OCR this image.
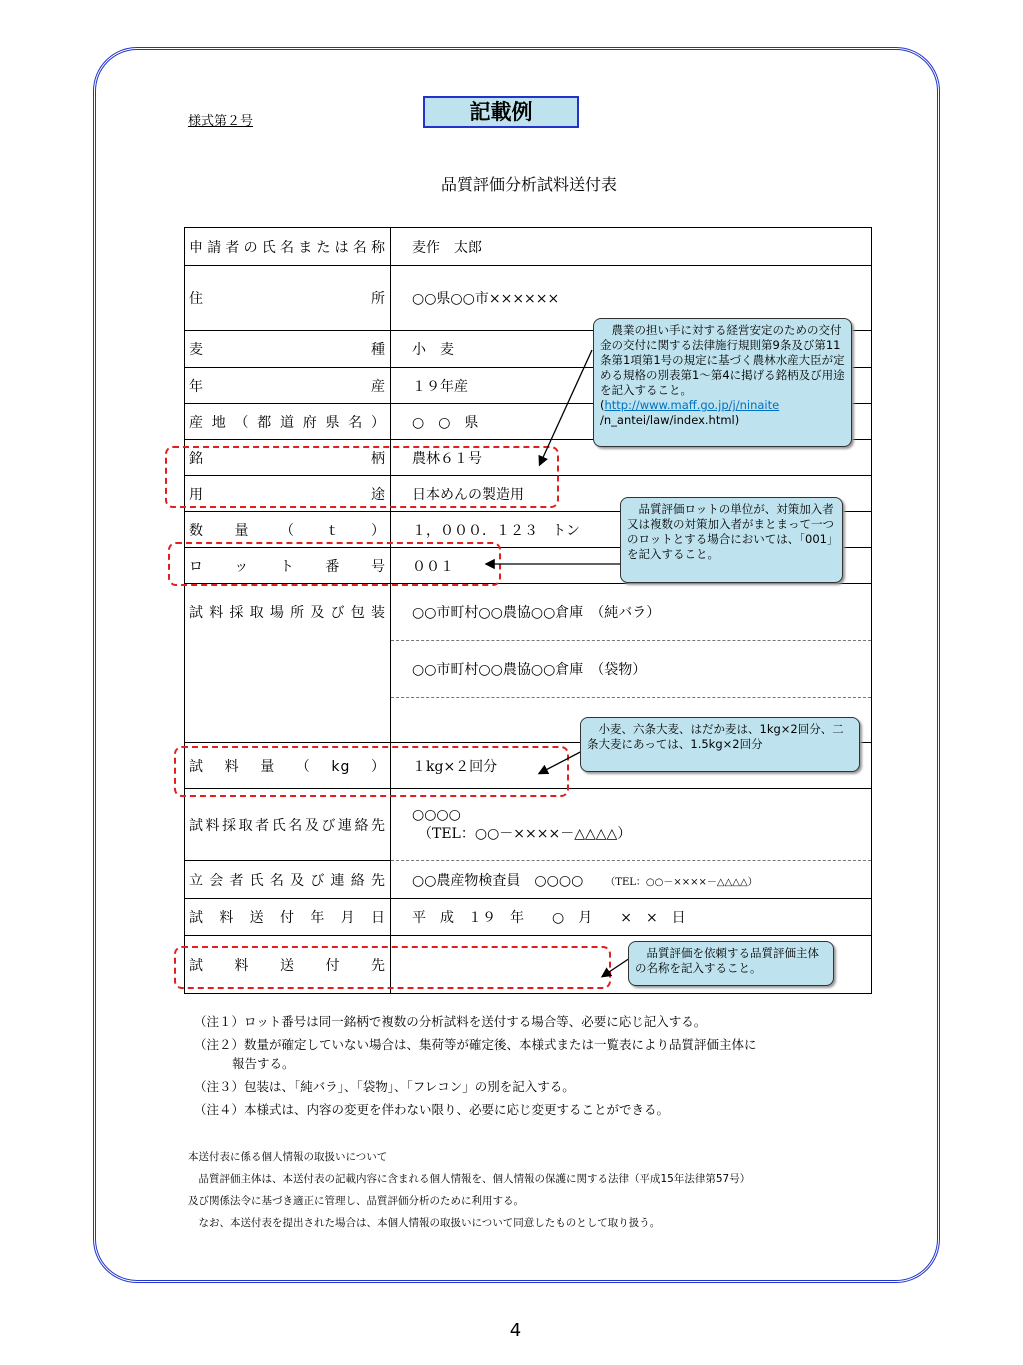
様式第２号	記載例
品質評価分析試料送付表
申請者の氏名または名称	麦作　太郎

住 所	○○県○○市××××××

麦 種	小　麦

年 産	１９年産

産地（都道府県名）	○　○　県

銘 柄	農林６１号

用 途	日本めんの製造用

数量（ｔ）	１，０００．１２３　トン

ロット番号	００１

試料採取場所及び包装	○○市町村○○農協○○倉庫　（純バラ）
	○○市町村○○農協○○倉庫　（袋物）

試料量（kg）	１kg×２回分

試料採取者氏名及び連絡先	○○○○
（TEL：○○－××××－△△△△）

立会者氏名及び連絡先	○○農産物検査員　○○○○ （TEL：○○－××××－△△△△）

試料送付年月日	平　成　１９　年　　○　月　　×　×　日

試料送付先	

　農業の担い手に対する経営安定のための交付金の交付に関する法律施行規則第9条及び第11条第1項第1号の規定に基づく農林水産大臣が定める規格の別表第1～第4に掲げる銘柄及び用途を記入すること。(http://www.maff.go.jp/j/ninaite
/n_antei/law/index.html)
　品質評価ロットの単位が、対策加入者又は複数の対策加入者がまとまって一つのロットとする場合においては、「001」を記入すること。
　小麦、六条大麦、はだか麦は、1kg×2回分、二条大麦にあっては、1.5kg×2回分
　品質評価を依頼する品質評価主体の名称を記入すること。

（注１）ロット番号は同一銘柄で複数の分析試料を送付する場合等、必要に応じ記入する。

（注２）数量が確定していない場合は、集荷等が確定後、本様式または一覧表により品質評価主体に
報告する。

（注３）包装は、「純バラ」、「袋物」、「フレコン」の別を記入する。

（注４）本様式は、内容の変更を伴わない限り、必要に応じ変更することができる。

本送付表に係る個人情報の取扱いについて

　品質評価主体は、本送付表の記載内容に含まれる個人情報を、個人情報の保護に関する法律（平成15年法律第57号）

及び関係法令に基づき適正に管理し、品質評価分析のために利用する。

　なお、本送付表を提出された場合は、本個人情報の取扱いについて同意したものとして取り扱う。

4
